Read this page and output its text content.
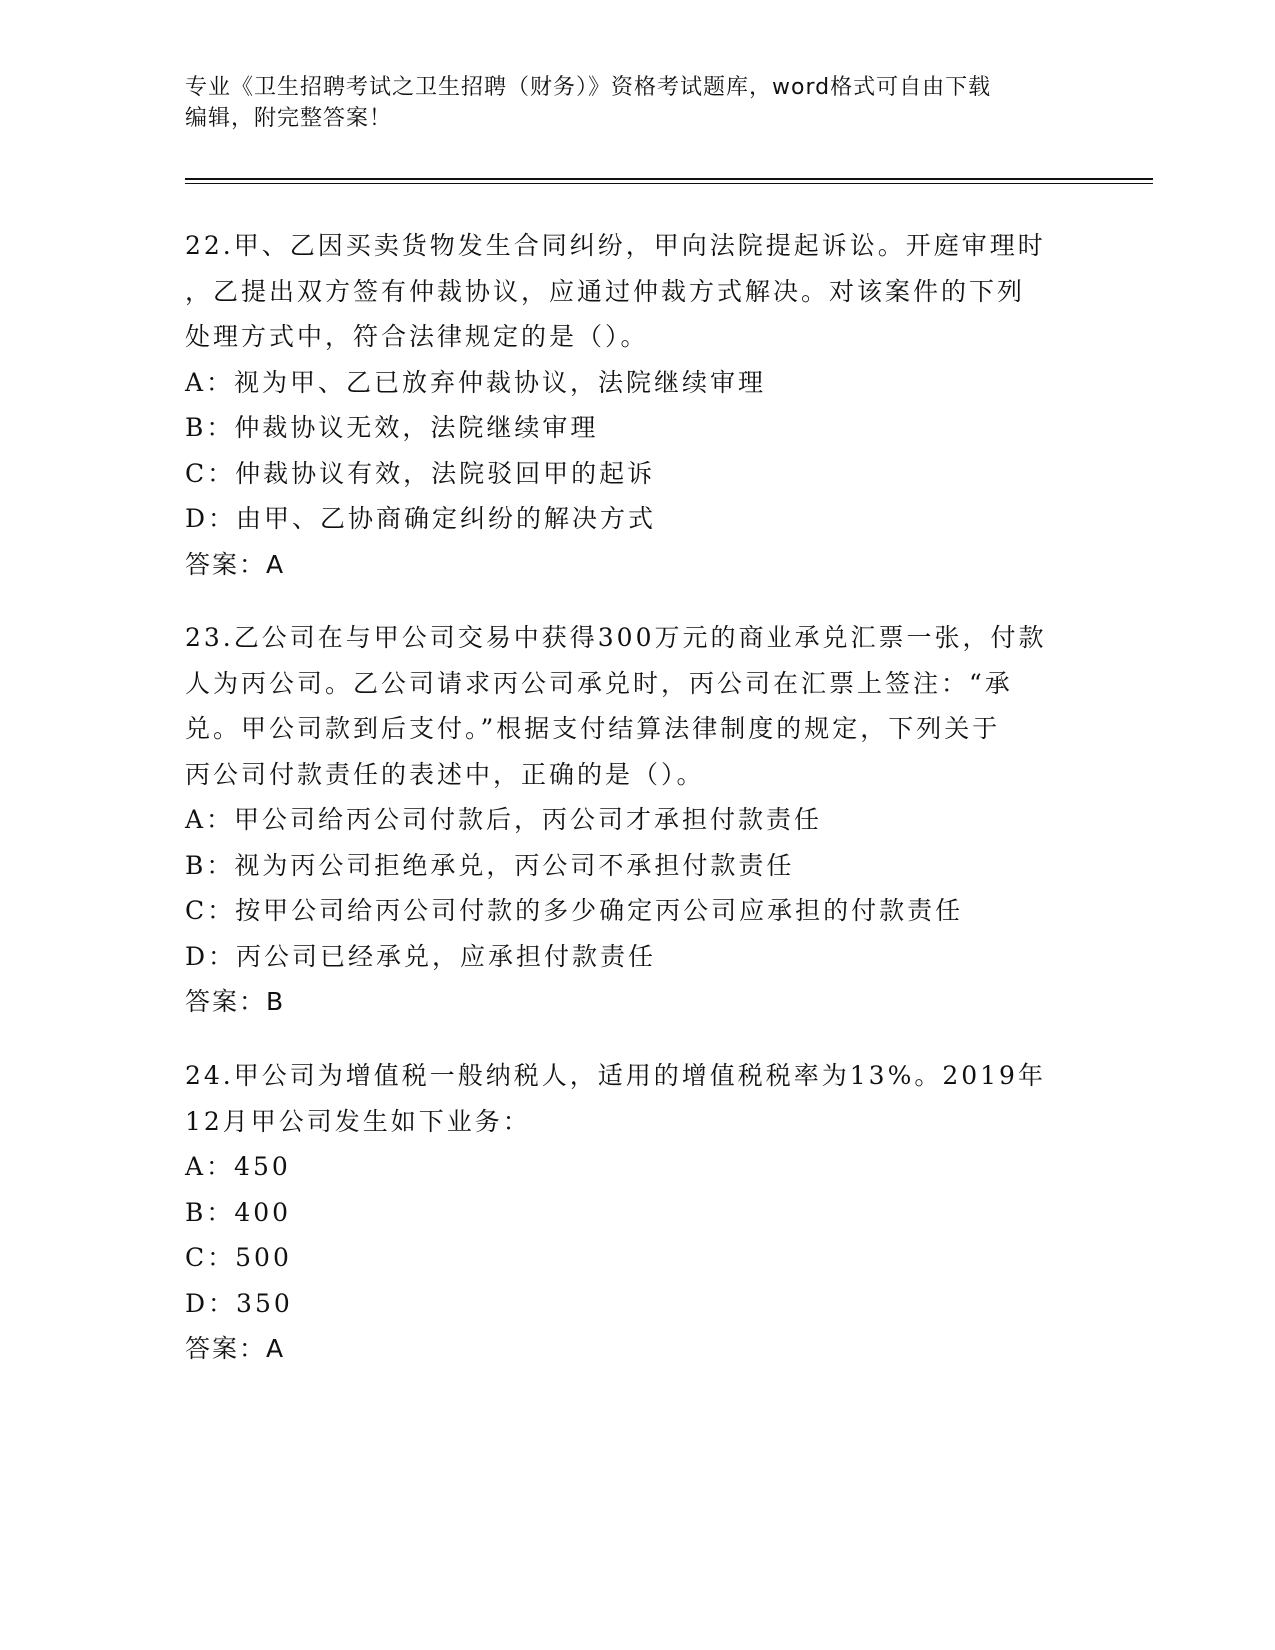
专业《卫生招聘考试之卫生招聘（财务）》资格考试题库，word格式可自由下载
编辑，附完整答案！

22.甲、乙因买卖货物发生合同纠纷，甲向法院提起诉讼。开庭审理时

，乙提出双方签有仲裁协议，应通过仲裁方式解决。对该案件的下列

处理方式中，符合法律规定的是（）。

A：视为甲、乙已放弃仲裁协议，法院继续审理

B：仲裁协议无效，法院继续审理

C：仲裁协议有效，法院驳回甲的起诉

D：由甲、乙协商确定纠纷的解决方式

答案：A

23.乙公司在与甲公司交易中获得300万元的商业承兑汇票一张，付款

人为丙公司。乙公司请求丙公司承兑时，丙公司在汇票上签注：“承

兑。甲公司款到后支付。”根据支付结算法律制度的规定，下列关于

丙公司付款责任的表述中，正确的是（）。

A：甲公司给丙公司付款后，丙公司才承担付款责任

B：视为丙公司拒绝承兑，丙公司不承担付款责任

C：按甲公司给丙公司付款的多少确定丙公司应承担的付款责任

D：丙公司已经承兑，应承担付款责任

答案：B

24.甲公司为增值税一般纳税人，适用的增值税税率为13%。2019年

12月甲公司发生如下业务：

A：450

B：400

C：500

D：350

答案：A
